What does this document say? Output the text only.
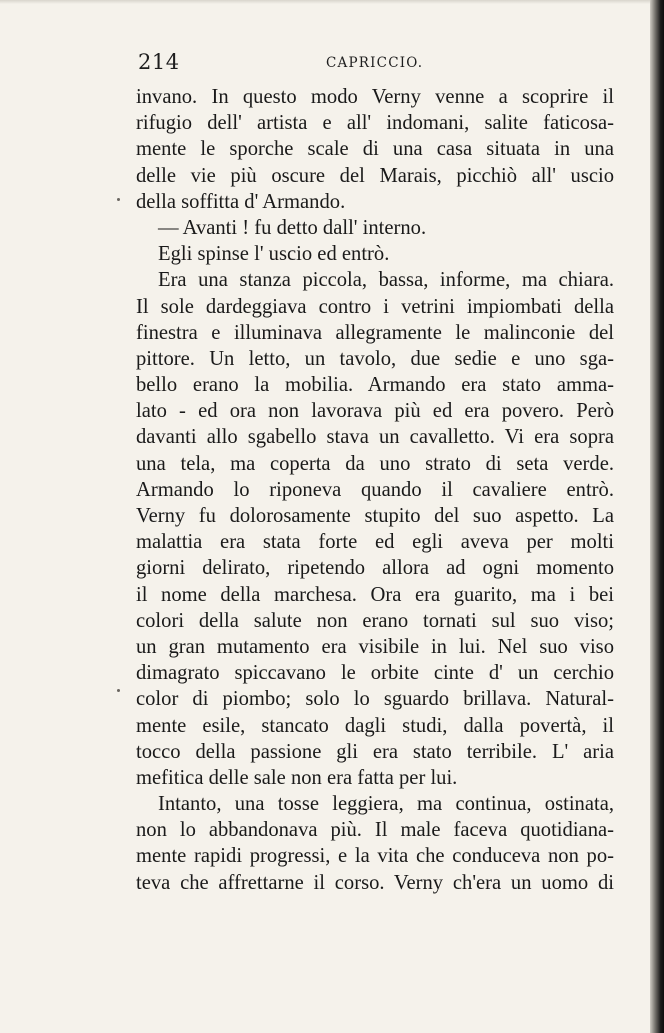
214	CAPRICCIO.
invano. In questo modo Verny venne a scoprire il
rifugio dell' artista e all' indomani, salite faticosa-
mente le sporche scale di una casa situata in una
delle vie più oscure del Marais, picchiò all' uscio
della soffitta d' Armando.
— Avanti ! fu detto dall' interno.
Egli spinse l' uscio ed entrò.
Era una stanza piccola, bassa, informe, ma chiara.
Il sole dardeggiava contro i vetrini impiombati della
finestra e illuminava allegramente le malinconie del
pittore. Un letto, un tavolo, due sedie e uno sga-
bello erano la mobilia. Armando era stato amma-
lato - ed ora non lavorava più ed era povero. Però
davanti allo sgabello stava un cavalletto. Vi era sopra
una tela, ma coperta da uno strato di seta verde.
Armando lo riponeva quando il cavaliere entrò.
Verny fu dolorosamente stupito del suo aspetto. La
malattia era stata forte ed egli aveva per molti
giorni delirato, ripetendo allora ad ogni momento
il nome della marchesa. Ora era guarito, ma i bei
colori della salute non erano tornati sul suo viso;
un gran mutamento era visibile in lui. Nel suo viso
dimagrato spiccavano le orbite cinte d' un cerchio
color di piombo; solo lo sguardo brillava. Natural-
mente esile, stancato dagli studi, dalla povertà, il
tocco della passione gli era stato terribile. L' aria
mefitica delle sale non era fatta per lui.
Intanto, una tosse leggiera, ma continua, ostinata,
non lo abbandonava più. Il male faceva quotidiana-
mente rapidi progressi, e la vita che conduceva non po-
teva che affrettarne il corso. Verny ch'era un uomo di
